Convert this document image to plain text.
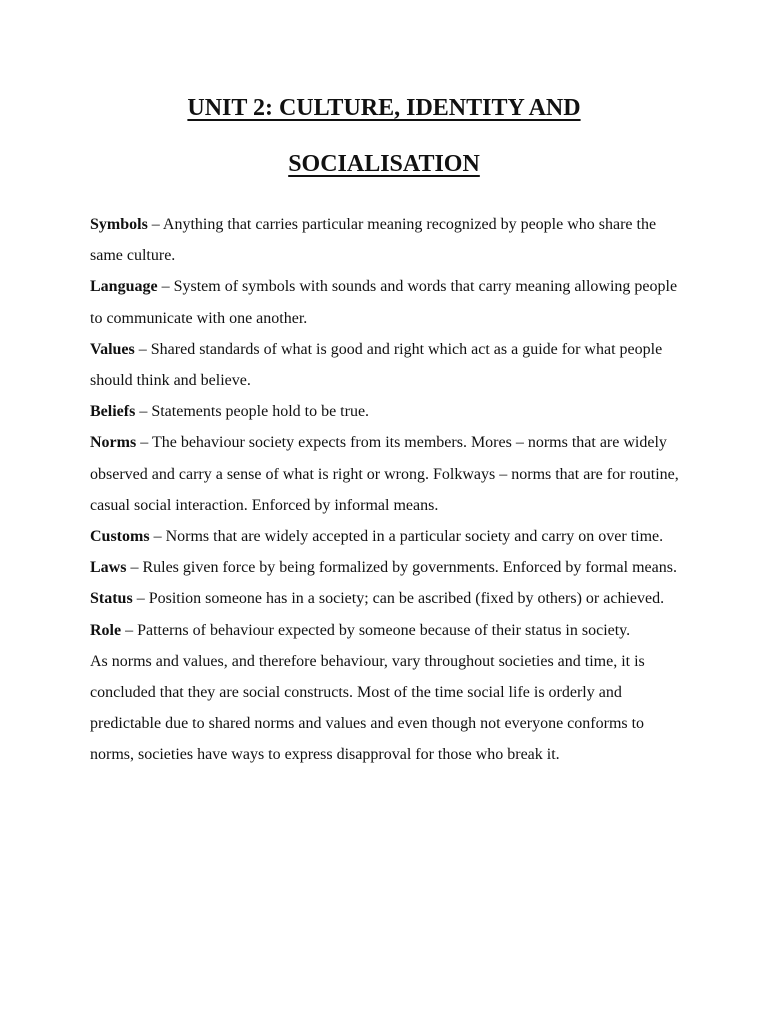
UNIT 2: CULTURE, IDENTITY AND
SOCIALISATION

Symbols – Anything that carries particular meaning recognized by people who share the same culture.

Language – System of symbols with sounds and words that carry meaning allowing people to communicate with one another.

Values – Shared standards of what is good and right which act as a guide for what people should think and believe.

Beliefs – Statements people hold to be true.

Norms – The behaviour society expects from its members. Mores – norms that are widely observed and carry a sense of what is right or wrong. Folkways – norms that are for routine, casual social interaction. Enforced by informal means.

Customs – Norms that are widely accepted in a particular society and carry on over time.

Laws – Rules given force by being formalized by governments. Enforced by formal means.

Status – Position someone has in a society; can be ascribed (fixed by others) or achieved.

Role – Patterns of behaviour expected by someone because of their status in society.

As norms and values, and therefore behaviour, vary throughout societies and time, it is concluded that they are social constructs. Most of the time social life is orderly and predictable due to shared norms and values and even though not everyone conforms to norms, societies have ways to express disapproval for those who break it.
